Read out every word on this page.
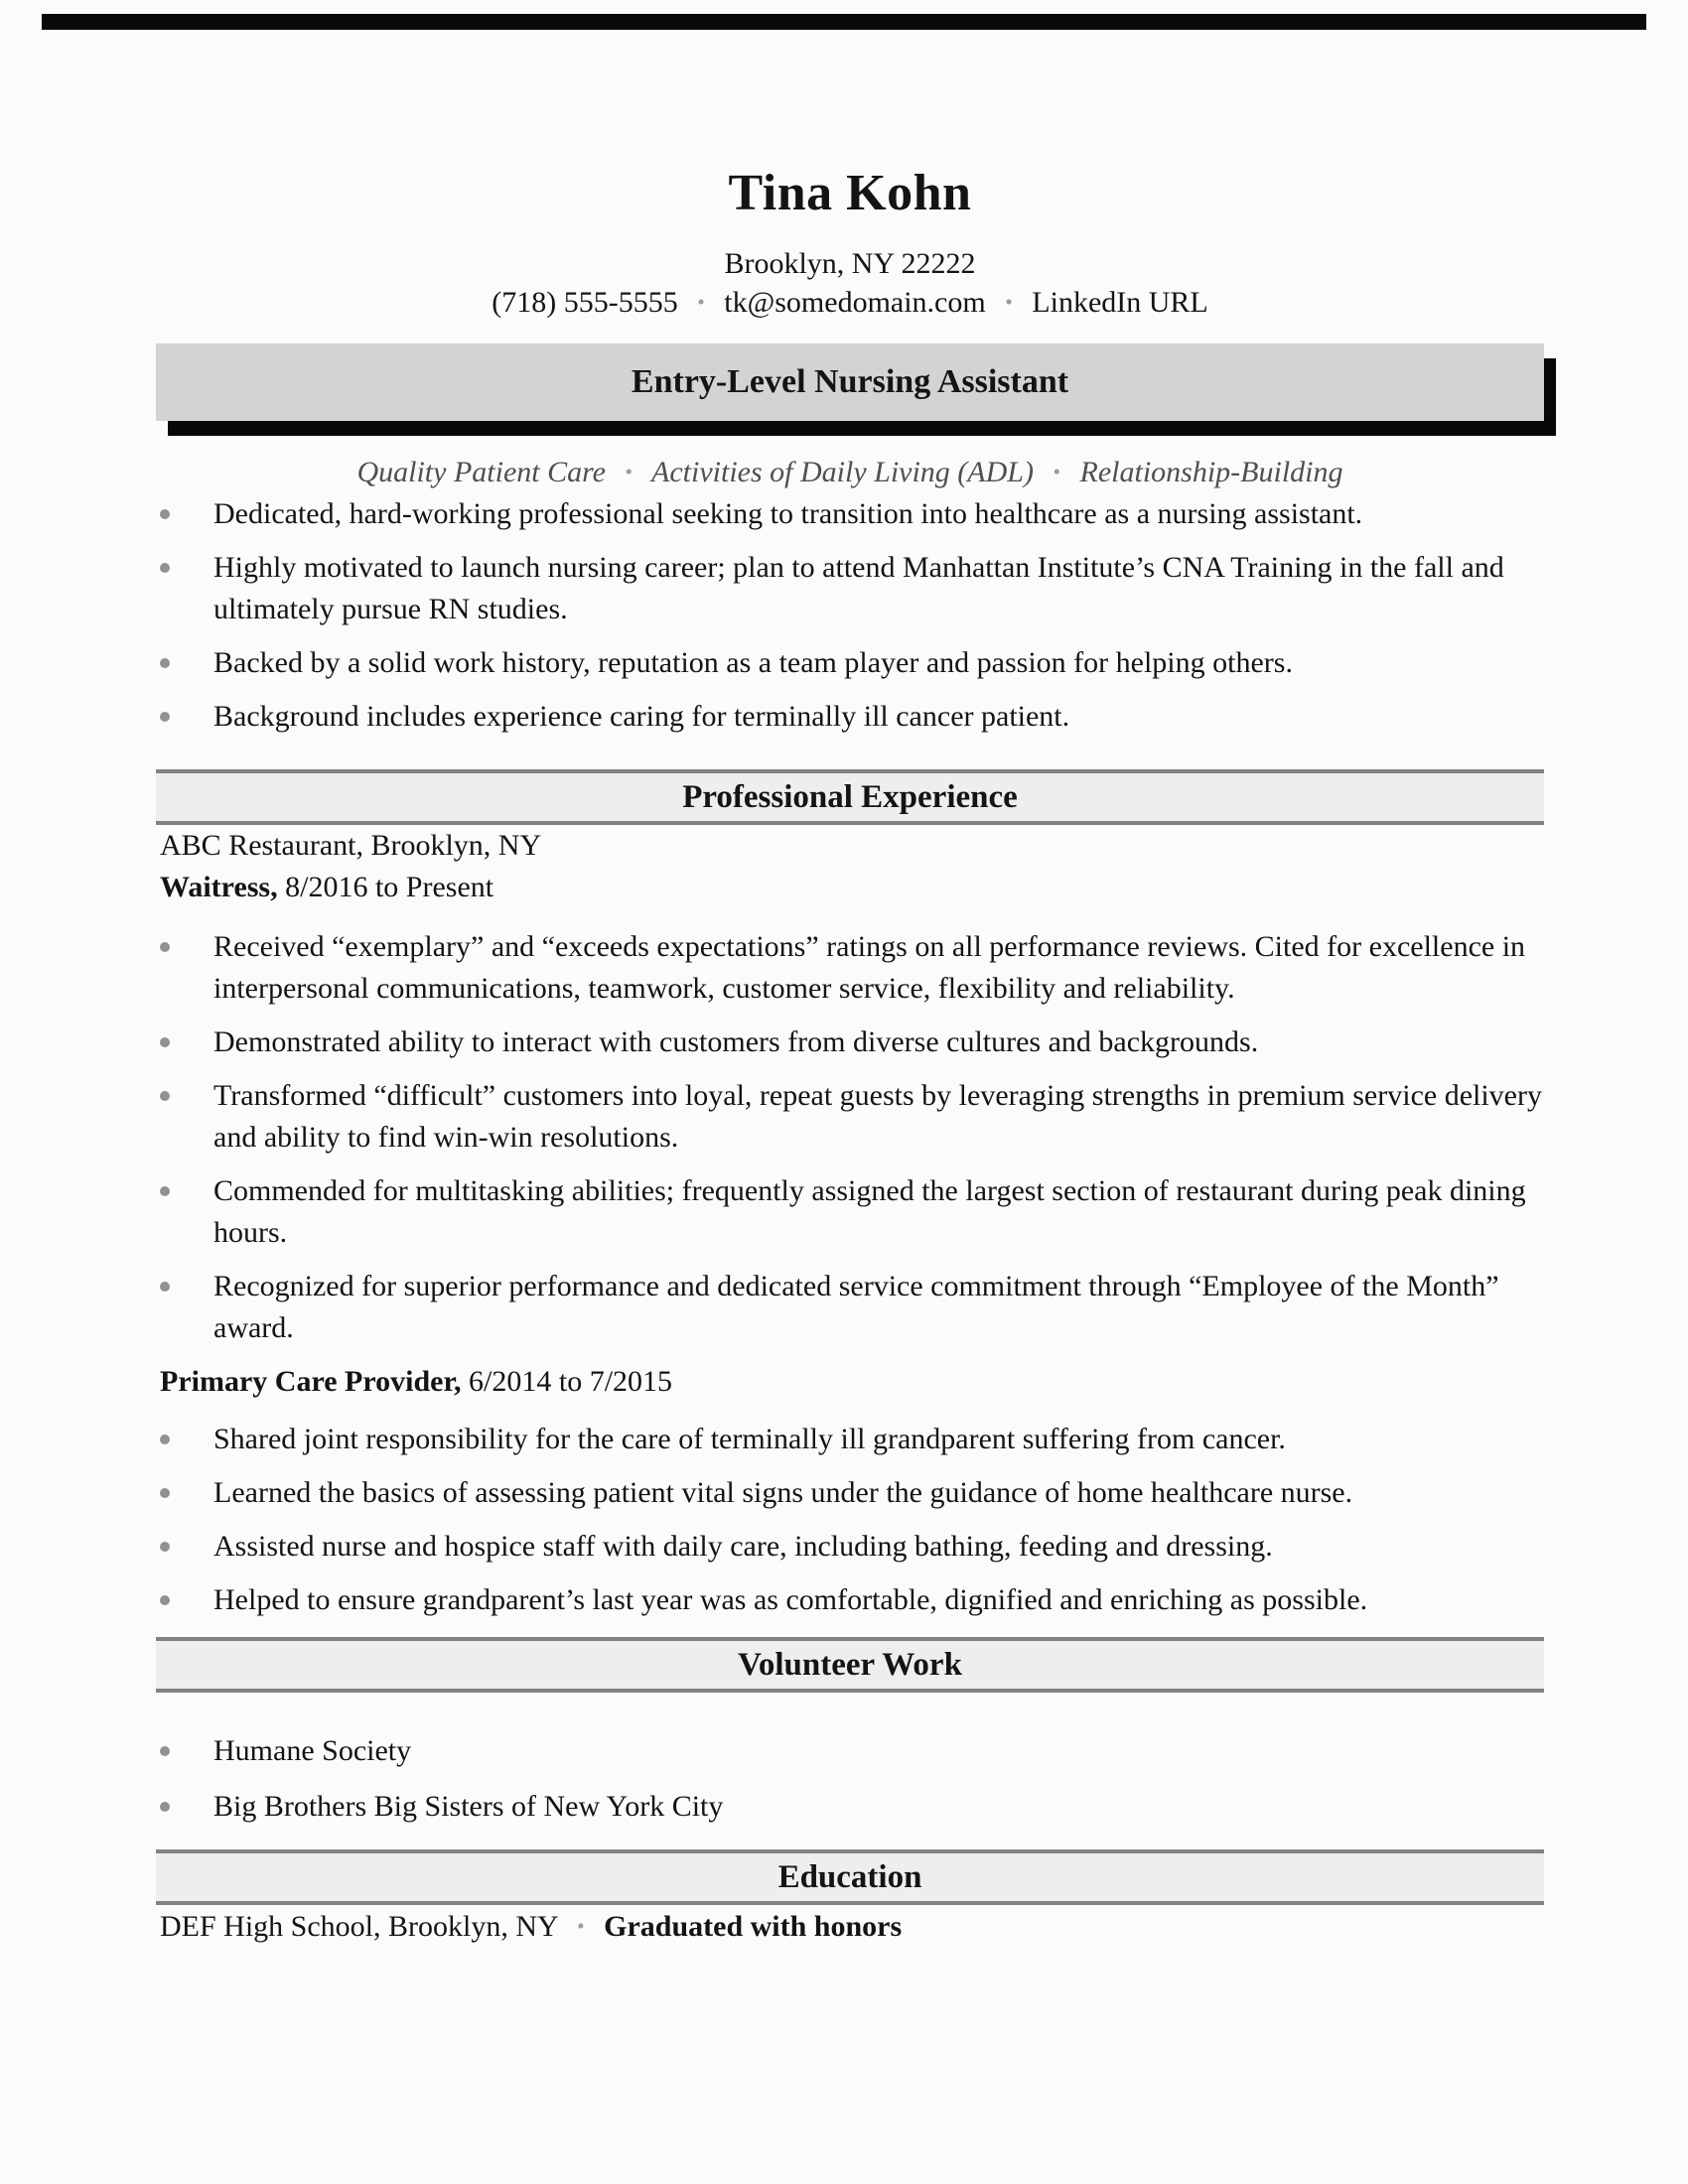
Tina Kohn
Brooklyn, NY 22222
(718) 555-5555 • tk@somedomain.com • LinkedIn URL
Entry-Level Nursing Assistant
Quality Patient Care • Activities of Daily Living (ADL) • Relationship-Building
Dedicated, hard-working professional seeking to transition into healthcare as a nursing assistant.
Highly motivated to launch nursing career; plan to attend Manhattan Institute’s CNA Training in the fall and ultimately pursue RN studies.
Backed by a solid work history, reputation as a team player and passion for helping others.
Background includes experience caring for terminally ill cancer patient.
Professional Experience

ABC Restaurant, Brooklyn, NY

Waitress, 8/2016 to Present

Received “exemplary” and “exceeds expectations” ratings on all performance reviews. Cited for excellence in interpersonal communications, teamwork, customer service, flexibility and reliability.
Demonstrated ability to interact with customers from diverse cultures and backgrounds.
Transformed “difficult” customers into loyal, repeat guests by leveraging strengths in premium service delivery and ability to find win-win resolutions.
Commended for multitasking abilities; frequently assigned the largest section of restaurant during peak dining hours.
Recognized for superior performance and dedicated service commitment through “Employee of the Month” award.

Primary Care Provider, 6/2014 to 7/2015

Shared joint responsibility for the care of terminally ill grandparent suffering from cancer.
Learned the basics of assessing patient vital signs under the guidance of home healthcare nurse.
Assisted nurse and hospice staff with daily care, including bathing, feeding and dressing.
Helped to ensure grandparent’s last year was as comfortable, dignified and enriching as possible.
Volunteer Work
Humane Society
Big Brothers Big Sisters of New York City
Education

DEF High School, Brooklyn, NY • Graduated with honors
